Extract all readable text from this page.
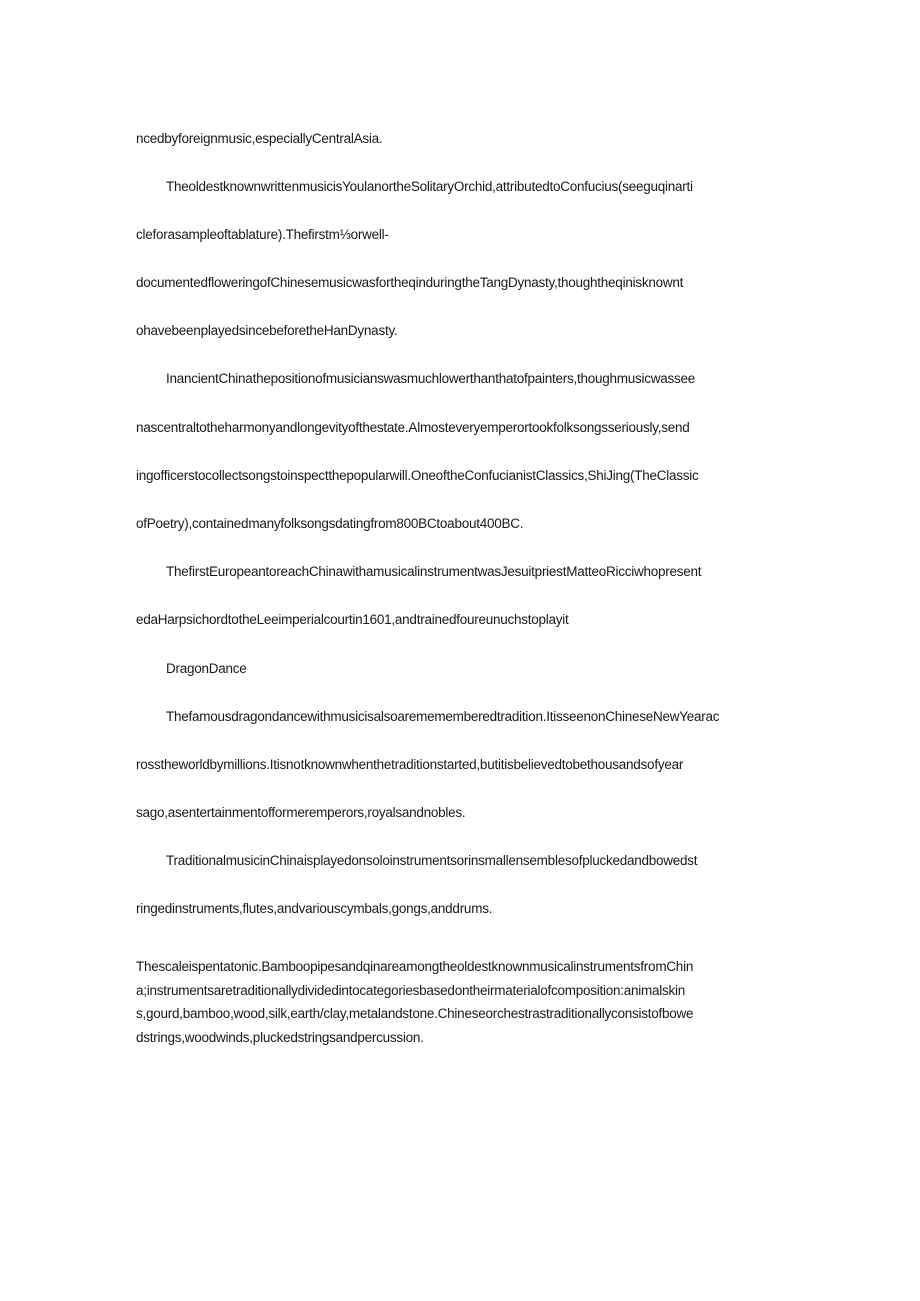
ncedbyforeignmusic,especiallyCentralAsia.
TheoldestknownwrittenmusicisYoulanortheSolitaryOrchid,attributedtoConfucius(seeguqinarti
cleforasampleoftablature).Thefirstm⅓orwell-
documentedfloweringofChinesemusicwasfortheqinduringtheTangDynasty,thoughtheqinisknownt
ohavebeenplayedsincebeforetheHanDynasty.
InancientChinathepositionofmusicianswasmuchlowerthanthatofpainters,thoughmusicwassee
nascentraltotheharmonyandlongevityofthestate.Almosteveryemperortookfolksongsseriously,send
ingofficerstocollectsongstoinspectthepopularwill.OneoftheConfucianistClassics,ShiJing(TheClassic
ofPoetry),containedmanyfolksongsdatingfrom800BCtoabout400BC.
ThefirstEuropeantoreachChinawithamusicalinstrumentwasJesuitpriestMatteoRicciwhopresent
edaHarpsichordtotheLeeimperialcourtin1601,andtrainedfoureunuchstoplayit
DragonDance
Thefamousdragondancewithmusicisalsoaremememberedtradition.ItisseenonChineseNewYearac
rosstheworldbymillions.Itisnotknownwhenthetraditionstarted,butitisbelievedtobethousandsofyear
sago,asentertainmentofformeremperors,royalsandnobles.
TraditionalmusicinChinaisplayedonsoloinstrumentsorinsmallensemblesofpluckedandbowedst
ringedinstruments,flutes,andvariouscymbals,gongs,anddrums.
Thescaleispentatonic.BamboopipesandqinareamongtheoldestknownmusicalinstrumentsfromChin
a;instrumentsaretraditionallydividedintocategoriesbasedontheirmaterialofcomposition:animalskin
s,gourd,bamboo,wood,silk,earth/clay,metalandstone.Chineseorchestrastraditionallyconsistofbowe
dstrings,woodwinds,pluckedstringsandpercussion.
